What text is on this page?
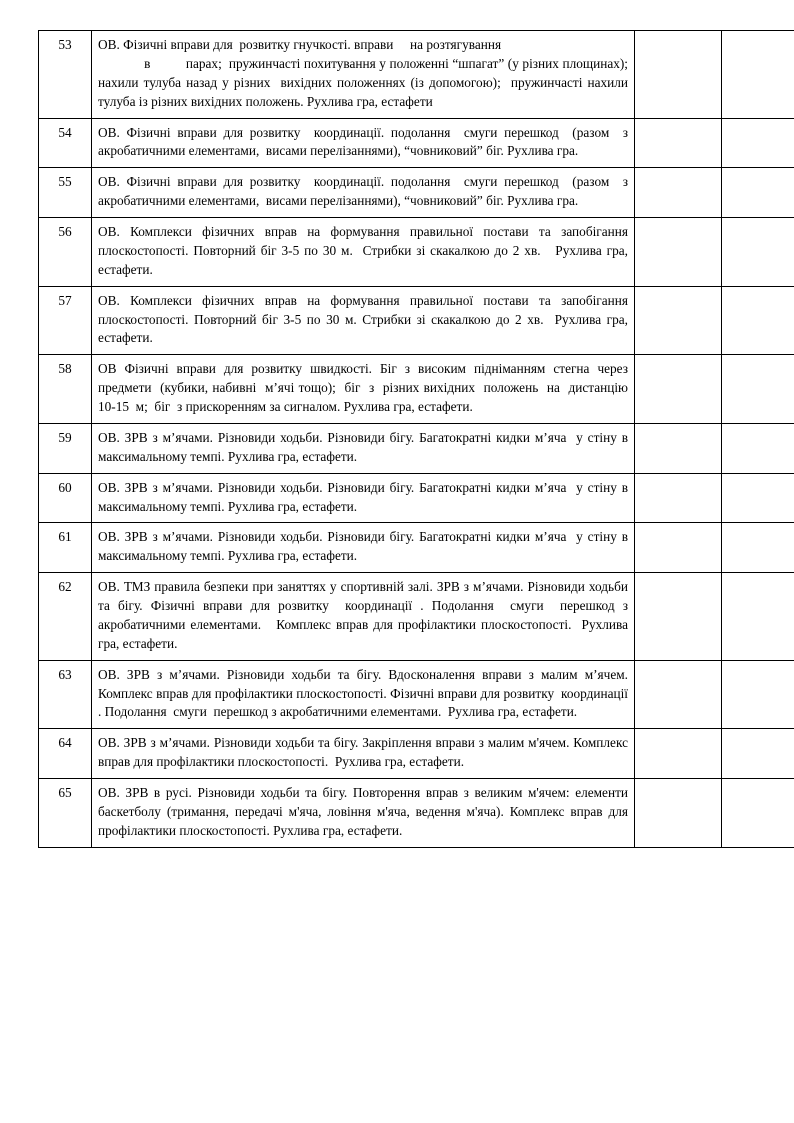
53	ОВ. Фізичні вправи для  розвитку гнучкості. вправи     на розтягування

в          парах;  пружинчасті похитування у положенні “шпагат” (у різних площинах);   нахили тулуба назад у різних  вихідних положеннях (із допомогою);  пружинчасті нахили тулуба із різних вихідних положень. Рухлива гра, естафети		

54	ОВ. Фізичні вправи для розвитку  координації. подолання  смуги перешкод  (разом  з акробатичними елементами,  висами перелізаннями), “човниковий” біг. Рухлива гра.		

55	ОВ. Фізичні вправи для розвитку  координації. подолання  смуги перешкод  (разом  з акробатичними елементами,  висами перелізаннями), “човниковий” біг. Рухлива гра.		

56	ОВ. Комплекси фізичних вправ на формування правильної постави та запобігання плоскостопості. Повторний біг 3-5 по 30 м.  Стрибки зі скакалкою до 2 хв.   Рухлива гра, естафети.		

57	ОВ. Комплекси фізичних вправ на формування правильної постави та запобігання плоскостопості. Повторний біг 3-5 по 30 м. Стрибки зі скакалкою до 2 хв.  Рухлива гра, естафети.		

58	ОВ Фізичні вправи для розвитку швидкості. Біг з високим підніманням стегна через  предмети  (кубики, набивні  м’ячі тощо);  біг  з  різних вихідних  положень  на  дистанцію  10-15  м;  біг  з прискоренням за сигналом. Рухлива гра, естафети.		

59	ОВ. ЗРВ з м’ячами. Різновиди ходьби. Різновиди бігу. Багатократні кидки м’яча  у стіну в максимальному темпі. Рухлива гра, естафети.		

60	ОВ. ЗРВ з м’ячами. Різновиди ходьби. Різновиди бігу. Багатократні кидки м’яча  у стіну в максимальному темпі. Рухлива гра, естафети.		

61	ОВ. ЗРВ з м’ячами. Різновиди ходьби. Різновиди бігу. Багатократні кидки м’яча  у стіну в максимальному темпі. Рухлива гра, естафети.		

62	ОВ. ТМЗ правила безпеки при заняттях у спортивній залі. ЗРВ з м’ячами. Різновиди ходьби та бігу. Фізичні вправи для розвитку  координації . Подолання  смуги  перешкод з акробатичними елементами.   Комплекс вправ для профілактики плоскостопості.  Рухлива гра, естафети.		

63	ОВ. ЗРВ з м’ячами. Різновиди ходьби та бігу. Вдосконалення вправи з малим м’ячем. Комплекс вправ для профілактики плоскостопості. Фізичні вправи для розвитку  координації . Подолання  смуги  перешкод з акробатичними елементами.  Рухлива гра, естафети.		

64	ОВ. ЗРВ з м’ячами. Різновиди ходьби та бігу. Закріплення вправи з малим м'ячем. Комплекс вправ для профілактики плоскостопості.  Рухлива гра, естафети.		

65	ОВ. ЗРВ в русі. Різновиди ходьби та бігу. Повторення вправ з великим м'ячем: елементи баскетболу (тримання, передачі м'яча, ловіння м'яча, ведення м'яча). Комплекс вправ для профілактики плоскостопості. Рухлива гра, естафети.		
